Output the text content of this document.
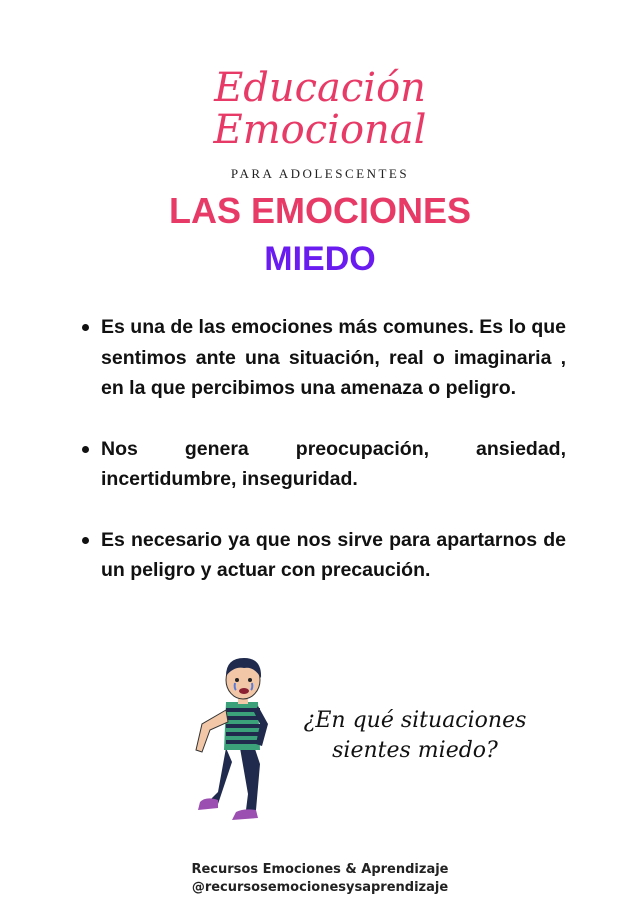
Educación
Emocional
PARA ADOLESCENTES
LAS EMOCIONES
MIEDO
Es una de las emociones más comunes. Es lo que sentimos ante una situación, real o imaginaria , en la que percibimos una amenaza o peligro.
Nos genera preocupación, ansiedad, incertidumbre, inseguridad.
Es necesario ya que nos sirve para apartarnos de un peligro y actuar con precaución.
¿En qué situaciones
sientes miedo?
Recursos Emociones & Aprendizaje
@recursosemocionesysaprendizaje
